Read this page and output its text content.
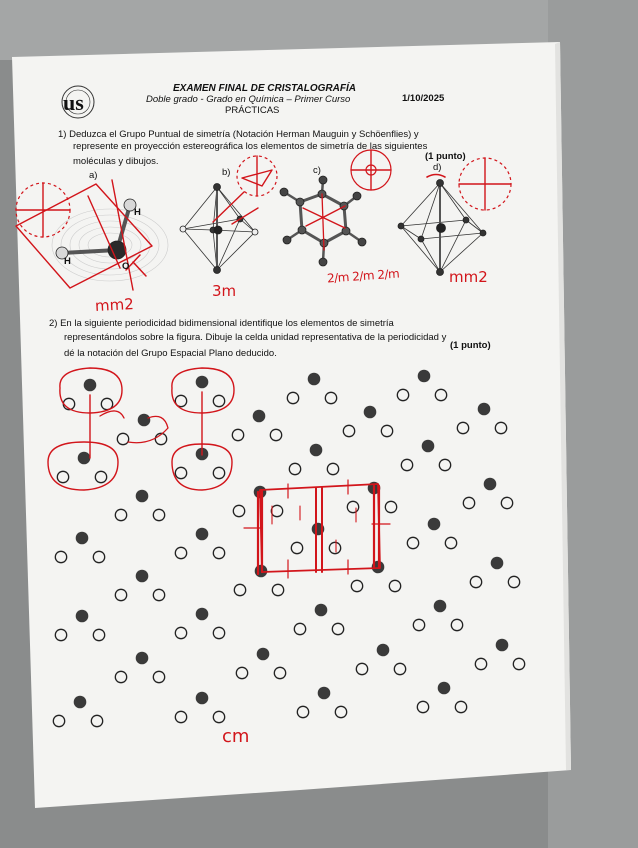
us
EXAMEN FINAL DE CRISTALOGRAFÍA
Doble grado - Grado en Química – Primer Curso
PRÁCTICAS
1/10/2025
1) Deduzca el Grupo Puntual de simetría (Notación Herman Mauguin y Schöenflies) y
represente en proyección estereográfica los elementos de simetría de las siguientes
moléculas y dibujos.	(1 punto)
a)	b)	c)	d)
H
H	O
2) En la siguiente periodicidad bidimensional identifique los elementos de simetría
representándolos sobre la figura. Dibuje la celda unidad representativa de la periodicidad y
dé la notación del Grupo Espacial Plano deducido.
(1 punto)
mm2
3m
2/m 2/m 2/m	mm2
cm
